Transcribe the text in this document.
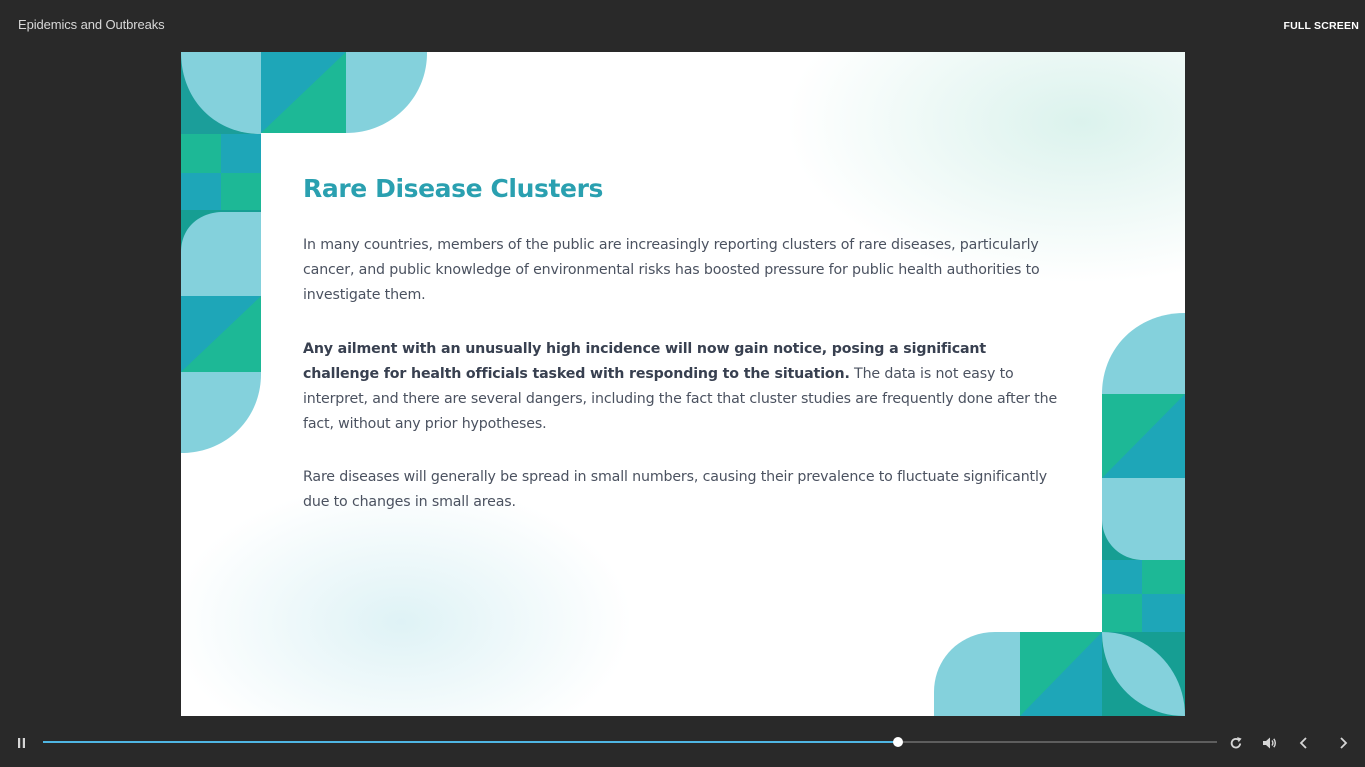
Epidemics and Outbreaks	FULL SCREEN
Rare Disease Clusters

In many countries, members of the public are increasingly reporting clusters of rare diseases, particularly cancer, and public knowledge of environmental risks has boosted pressure for public health authorities to investigate them.

Any ailment with an unusually high incidence will now gain notice, posing a significant challenge for health officials tasked with responding to the situation. The data is not easy to interpret, and there are several dangers, including the fact that cluster studies are frequently done after the fact, without any prior hypotheses.

Rare diseases will generally be spread in small numbers, causing their prevalence to fluctuate significantly due to changes in small areas.
